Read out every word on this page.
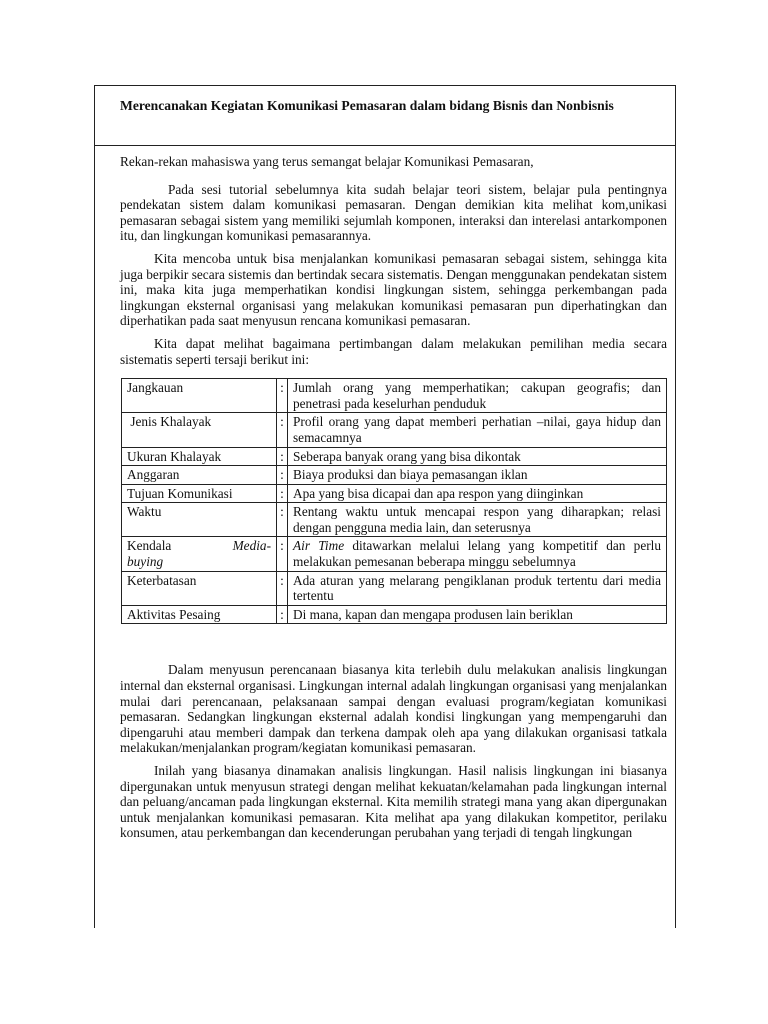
Merencanakan Kegiatan Komunikasi Pemasaran dalam bidang Bisnis dan Nonbisnis

Rekan-rekan mahasiswa yang terus semangat belajar Komunikasi Pemasaran,

Pada sesi tutorial sebelumnya kita sudah belajar teori sistem, belajar pula pentingnya pendekatan sistem dalam komunikasi pemasaran. Dengan demikian kita melihat kom,unikasi pemasaran sebagai sistem yang memiliki sejumlah komponen, interaksi dan interelasi antarkomponen itu, dan lingkungan komunikasi pemasarannya.

Kita mencoba untuk bisa menjalankan komunikasi pemasaran sebagai sistem, sehingga kita juga berpikir secara sistemis dan bertindak secara sistematis. Dengan menggunakan pendekatan sistem ini, maka kita juga memperhatikan kondisi lingkungan sistem, sehingga perkembangan pada lingkungan eksternal organisasi yang melakukan komunikasi pemasaran pun diperhatingkan dan diperhatikan pada saat menyusun rencana komunikasi pemasaran.

Kita dapat melihat bagaimana pertimbangan dalam melakukan pemilihan media secara sistematis seperti tersaji berikut ini:

Jangkauan	:	Jumlah orang yang memperhatikan; cakupan geografis; dan penetrasi pada keselurhan penduduk
Jenis Khalayak	:	Profil orang yang dapat memberi perhatian –nilai, gaya hidup dan semacamnya
Ukuran Khalayak	:	Seberapa banyak orang yang bisa dikontak
Anggaran	:	Biaya produksi dan biaya pemasangan iklan
Tujuan Komunikasi	:	Apa yang bisa dicapai dan apa respon yang diinginkan
Waktu	:	Rentang waktu untuk mencapai respon yang diharapkan; relasi dengan pengguna media lain, dan seterusnya

Kendala Media-
buying	:	Air Time ditawarkan melalui lelang yang kompetitif dan perlu melakukan pemesanan beberapa minggu sebelumnya
Keterbatasan	:	Ada aturan yang melarang pengiklanan produk tertentu dari media tertentu
Aktivitas Pesaing	:	Di mana, kapan dan mengapa produsen lain beriklan

Dalam menyusun perencanaan biasanya kita terlebih dulu melakukan analisis lingkungan internal dan eksternal organisasi. Lingkungan internal adalah lingkungan organisasi yang menjalankan mulai dari perencanaan, pelaksanaan sampai dengan evaluasi program/kegiatan komunikasi pemasaran. Sedangkan lingkungan eksternal adalah kondisi lingkungan yang mempengaruhi dan dipengaruhi atau memberi dampak dan terkena dampak oleh apa yang dilakukan organisasi tatkala melakukan/menjalankan program/kegiatan komunikasi pemasaran.

Inilah yang biasanya dinamakan analisis lingkungan. Hasil nalisis lingkungan ini biasanya dipergunakan untuk menyusun strategi dengan melihat kekuatan/kelamahan pada lingkungan internal dan peluang/ancaman pada lingkungan eksternal. Kita memilih strategi mana yang akan dipergunakan untuk menjalankan komunikasi pemasaran. Kita melihat apa yang dilakukan kompetitor, perilaku konsumen, atau perkembangan dan kecenderungan perubahan yang terjadi di tengah lingkungan
